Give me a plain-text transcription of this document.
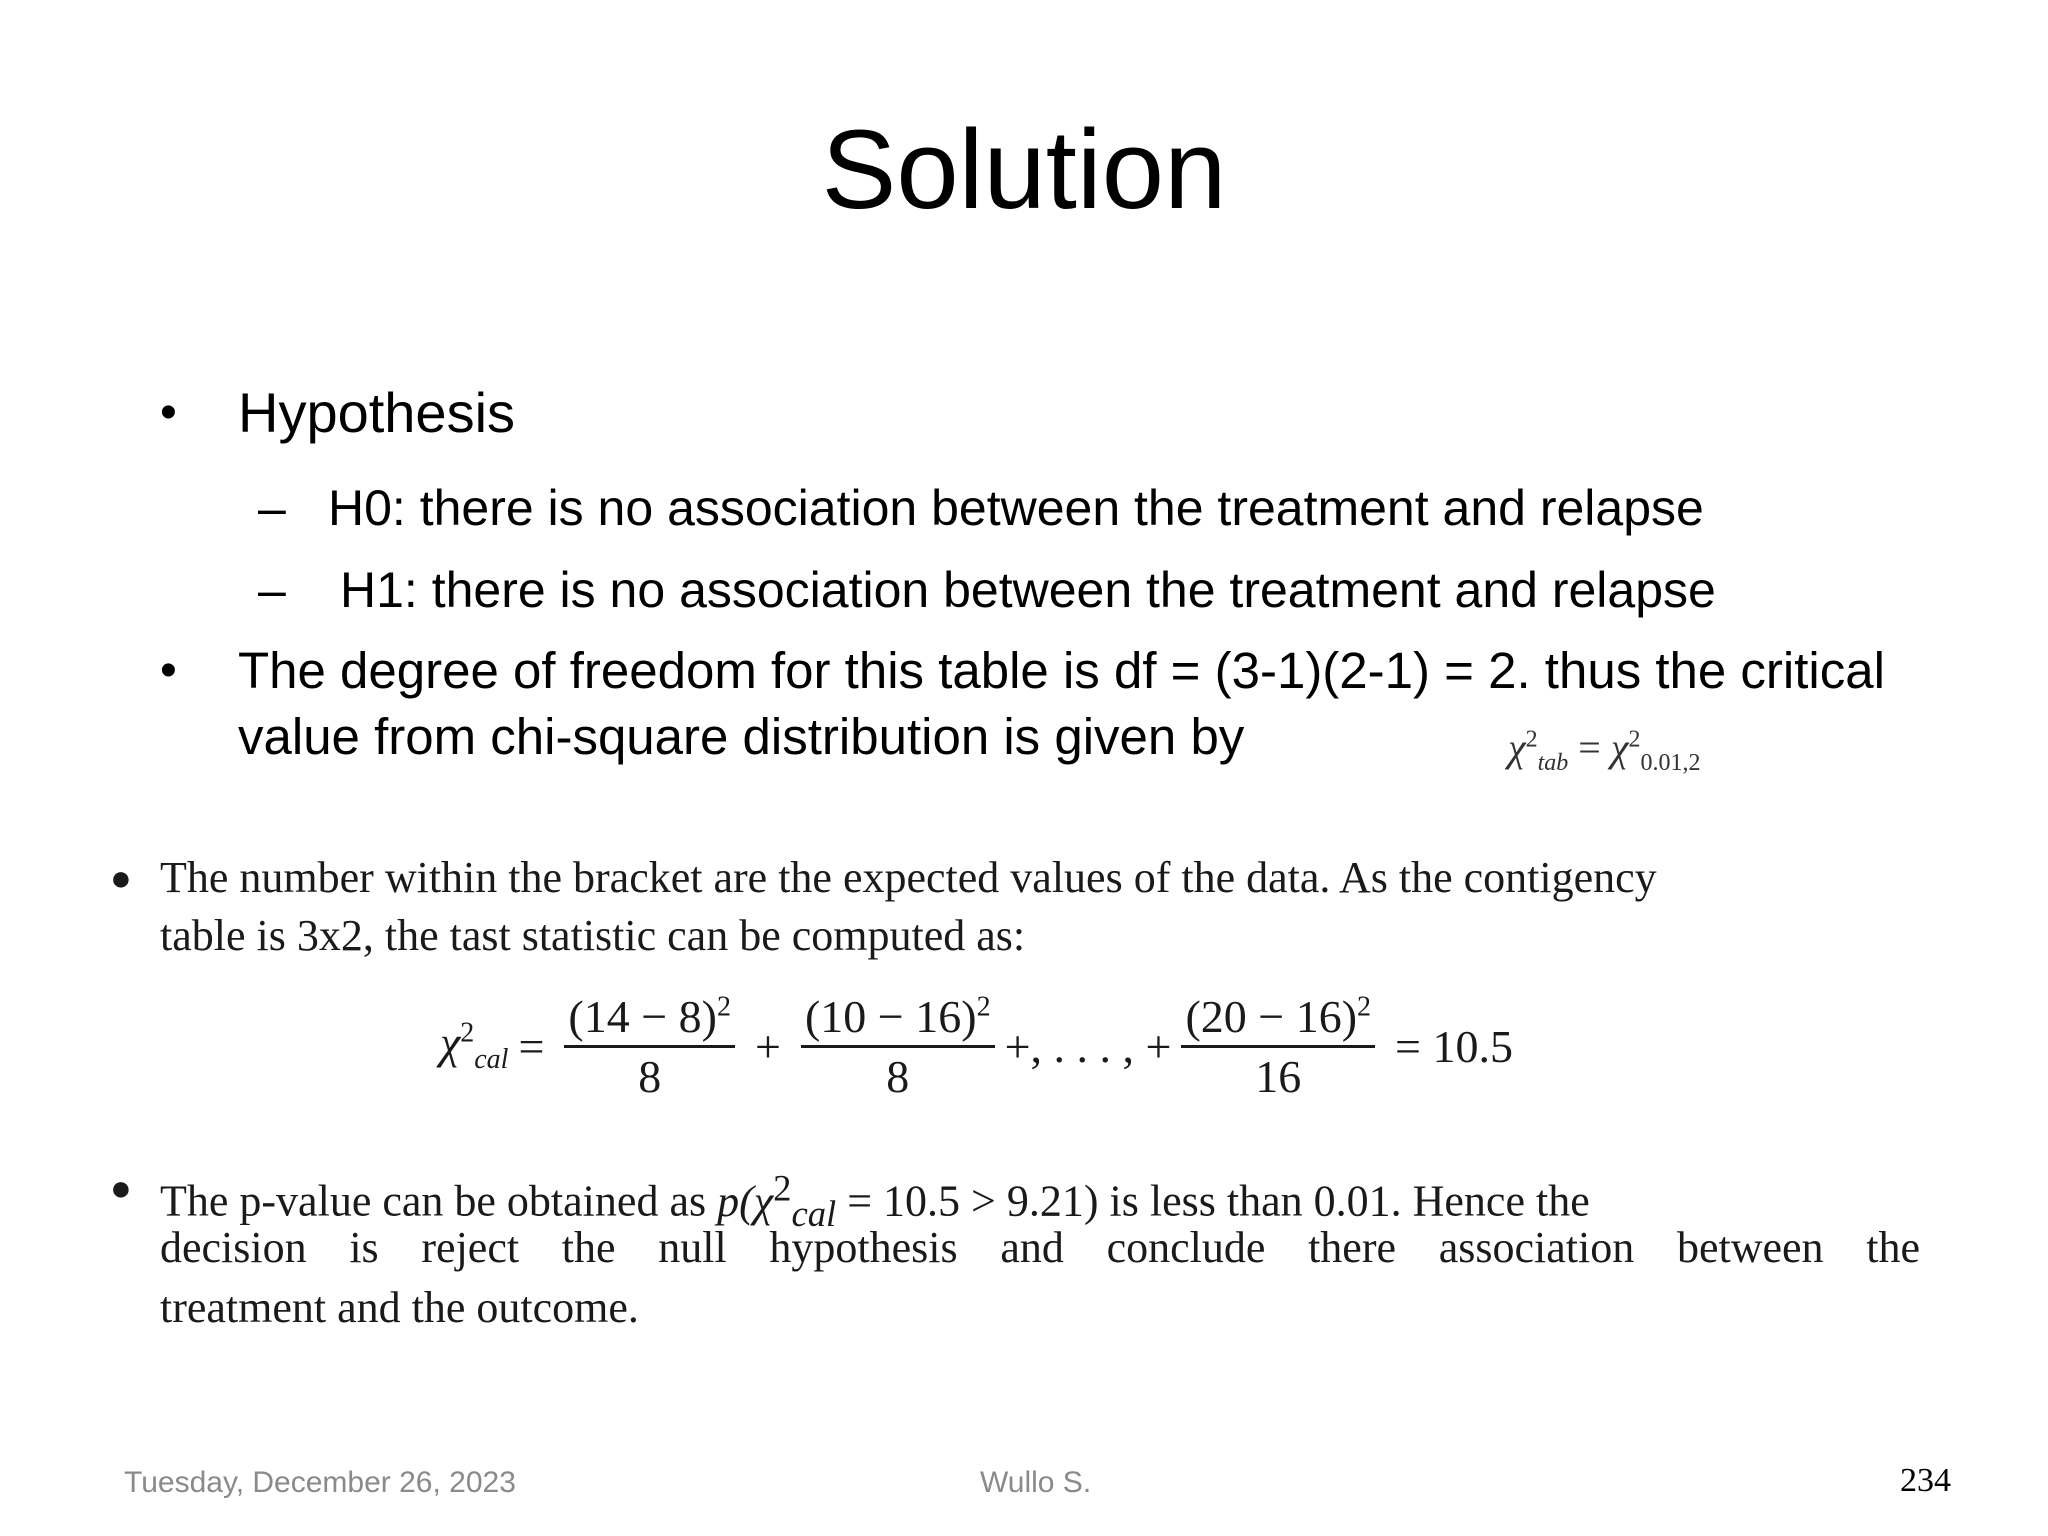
Solution
• Hypothesis
– H0: there is no association between the treatment and relapse
– H1: there is no association between the treatment and relapse
• The degree of freedom for this table is df = (3-1)(2-1) = 2. thus the critical
value from chi-square distribution is given by	$\chi^2_{tab} = \chi^2_{0.01,2}$
● The number within the bracket are the expected values of the data. As the contigency
table is 3x2, the tast statistic can be computed as:
$\chi^2_{cal} = \frac{(14 - 8)^2}{8} + \frac{(10 - 16)^2}{8}$ +, . . . , + $\frac{(20 - 16)^2}{16} = 10.5$
● The p-value can be obtained as $p(\chi^2_{cal} = 10.5 > 9.21)$ is less than 0.01. Hence the
decision is reject the null hypothesis and conclude there association between the
treatment and the outcome.
Tuesday, December 26, 2023	Wullo S.	234
